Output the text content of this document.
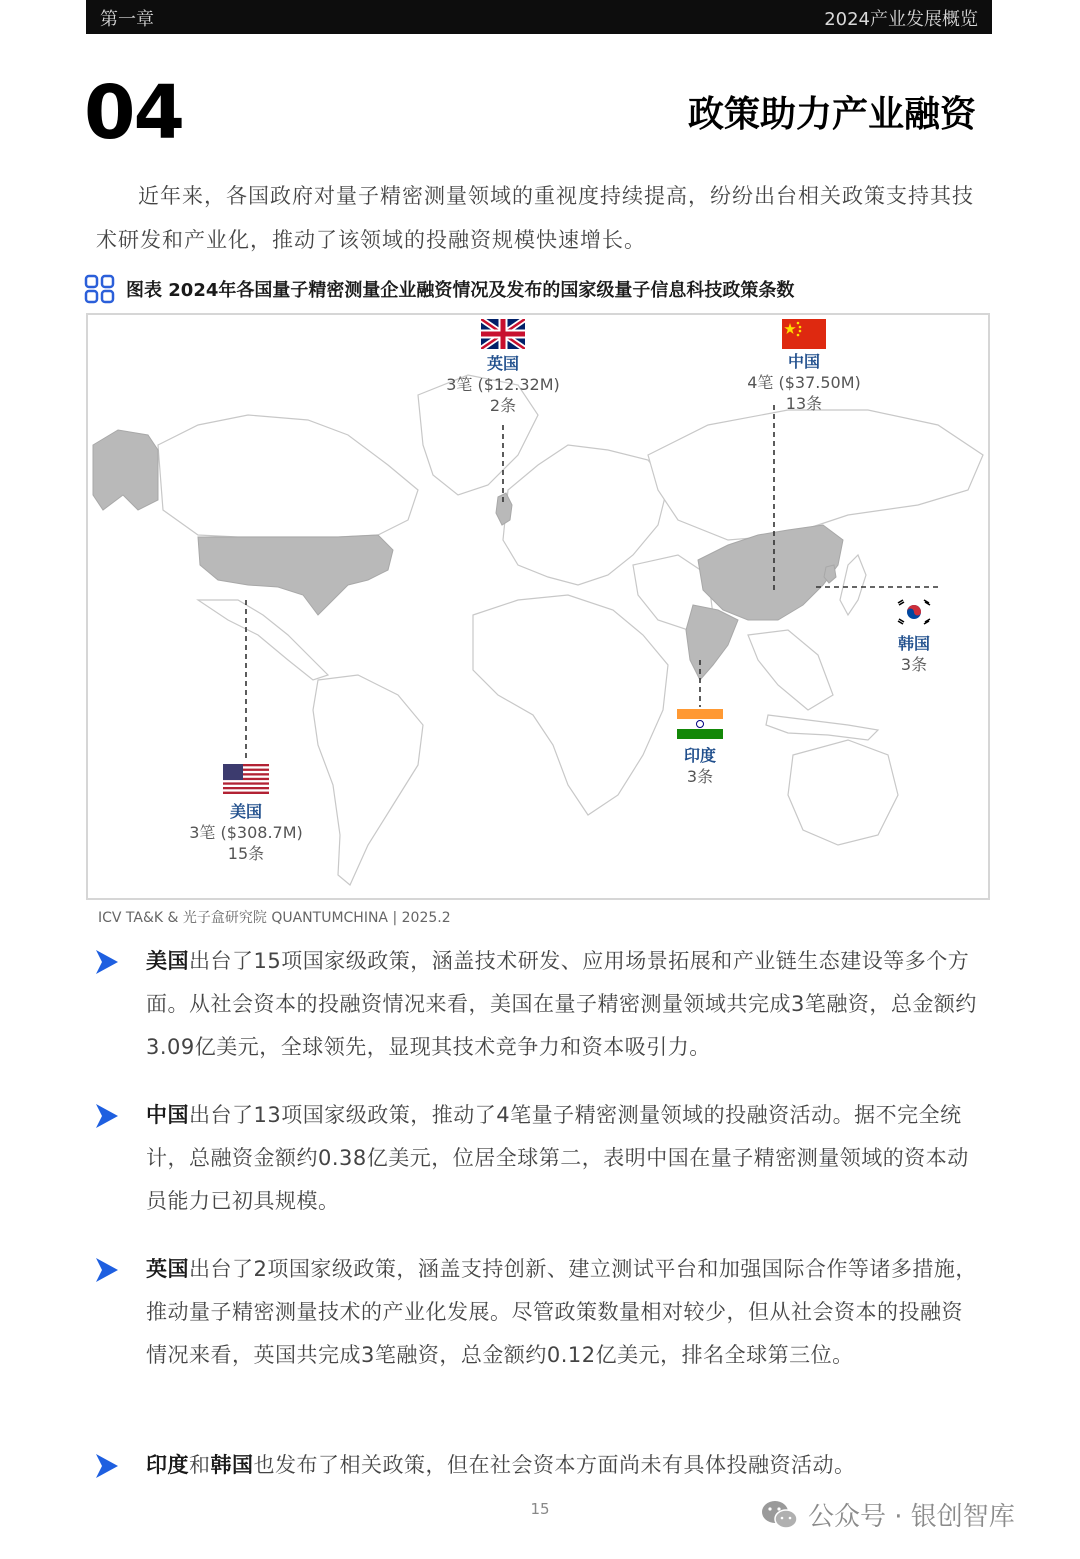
第一章	2024产业发展概览
04	政策助力产业融资
近年来，各国政府对量子精密测量领域的重视度持续提高，纷纷出台相关政策支持其技术研发和产业化，推动了该领域的投融资规模快速增长。
图表 2024年各国量子精密测量企业融资情况及发布的国家级量子信息科技政策条数
英国
3笔 ($12.32M)
2条
中国
4笔 ($37.50M)
13条
韩国
3条
印度
3条
美国
3笔 ($308.7M)
15条
ICV TA&K & 光子盒研究院 QUANTUMCHINA | 2025.2

美国出台了15项国家级政策，涵盖技术研发、应用场景拓展和产业链生态建设等多个方面。从社会资本的投融资情况来看，美国在量子精密测量领域共完成3笔融资，总金额约3.09亿美元，全球领先，显现其技术竞争力和资本吸引力。

中国出台了13项国家级政策，推动了4笔量子精密测量领域的投融资活动。据不完全统计，总融资金额约0.38亿美元，位居全球第二，表明中国在量子精密测量领域的资本动员能力已初具规模。

英国出台了2项国家级政策，涵盖支持创新、建立测试平台和加强国际合作等诸多措施，推动量子精密测量技术的产业化发展。尽管政策数量相对较少，但从社会资本的投融资情况来看，英国共完成3笔融资，总金额约0.12亿美元，排名全球第三位。

印度和韩国也发布了相关政策，但在社会资本方面尚未有具体投融资活动。

15	公众号 · 银创智库
